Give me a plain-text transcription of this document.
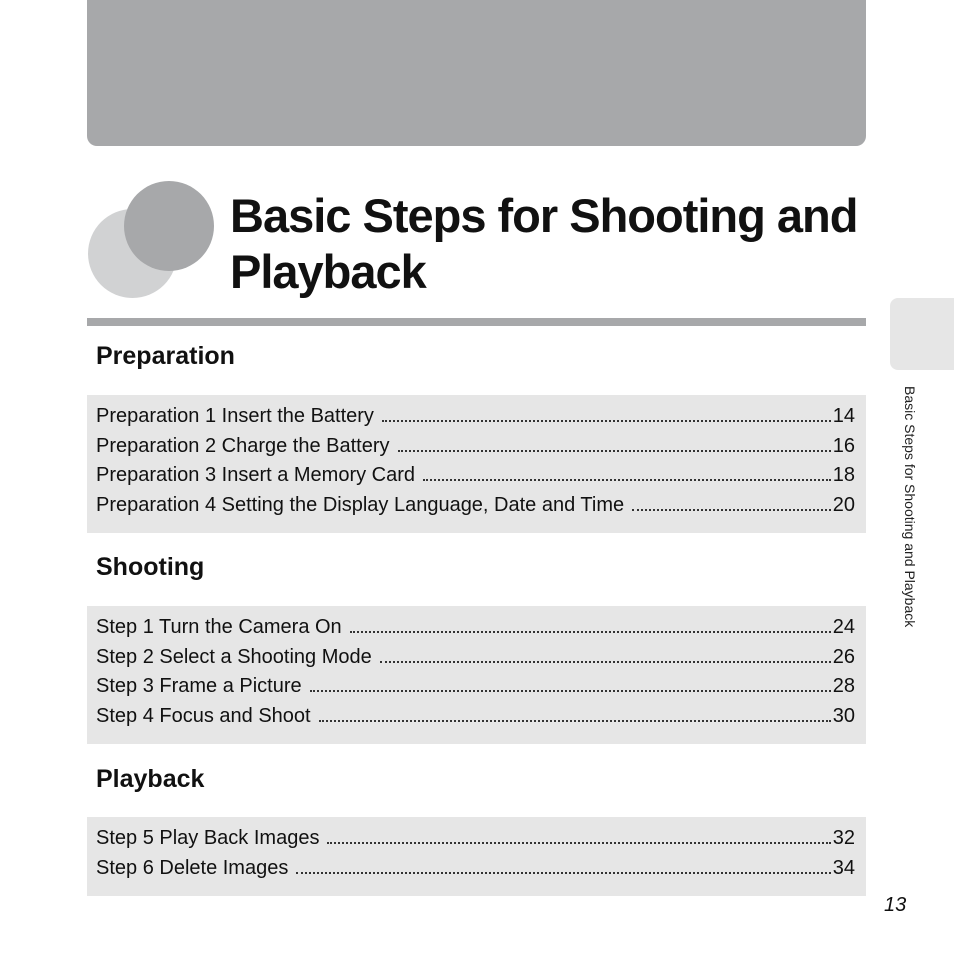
Basic Steps for Shooting and Playback
Preparation
Preparation 1 Insert the Battery	14
Preparation 2 Charge the Battery	16
Preparation 3 Insert a Memory Card	18
Preparation 4 Setting the Display Language, Date and Time	20
Shooting
Step 1 Turn the Camera On	24
Step 2 Select a Shooting Mode	26
Step 3 Frame a Picture	28
Step 4 Focus and Shoot	30
Playback
Step 5 Play Back Images	32
Step 6 Delete Images	34
Basic Steps for Shooting and Playback
13
